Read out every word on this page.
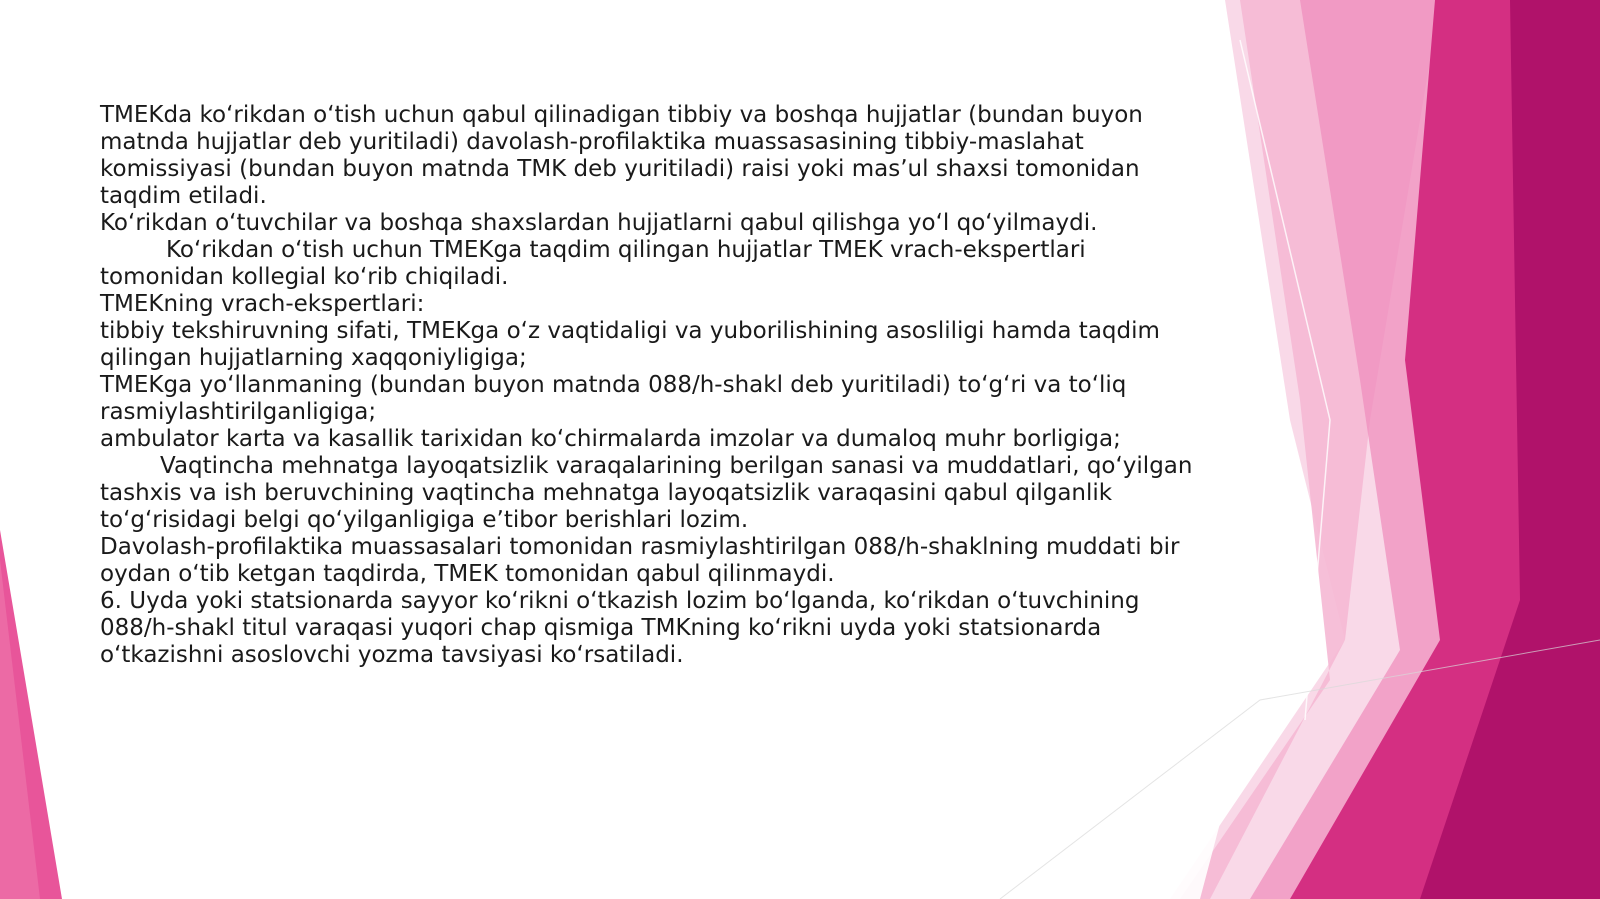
TMEKda koʻrikdan oʻtish uchun qabul qilinadigan tibbiy va boshqa hujjatlar (bundan buyon matnda hujjatlar deb yuritiladi) davolash-profilaktika muassasasining tibbiy-maslahat komissiyasi (bundan buyon matnda TMK deb yuritiladi) raisi yoki masʼul shaxsi tomonidan taqdim etiladi.

Koʻrikdan oʻtuvchilar va boshqa shaxslardan hujjatlarni qabul qilishga yoʻl qoʻyilmaydi.

Koʻrikdan oʻtish uchun TMEKga taqdim qilingan hujjatlar TMEK vrach-ekspertlari tomonidan kollegial koʻrib chiqiladi.

TMEKning vrach-ekspertlari:

tibbiy tekshiruvning sifati, TMEKga oʻz vaqtidaligi va yuborilishining asosliligi hamda taqdim qilingan hujjatlarning xaqqoniyligiga;

TMEKga yoʻllanmaning (bundan buyon matnda 088/h-shakl deb yuritiladi) toʻgʻri va toʻliq rasmiylashtirilganligiga;

ambulator karta va kasallik tarixidan koʻchirmalarda imzolar va dumaloq muhr borligiga;

Vaqtincha mehnatga layoqatsizlik varaqalarining berilgan sanasi va muddatlari, qoʻyilgan tashxis va ish beruvchining vaqtincha mehnatga layoqatsizlik varaqasini qabul qilganlik toʻgʻrisidagi belgi qoʻyilganligiga eʼtibor berishlari lozim.

Davolash-profilaktika muassasalari tomonidan rasmiylashtirilgan 088/h-shaklning muddati bir oydan oʻtib ketgan taqdirda, TMEK tomonidan qabul qilinmaydi.

6. Uyda yoki statsionarda sayyor koʻrikni oʻtkazish lozim boʻlganda, koʻrikdan oʻtuvchining 088/h-shakl titul varaqasi yuqori chap qismiga TMKning koʻrikni uyda yoki statsionarda oʻtkazishni asoslovchi yozma tavsiyasi koʻrsatiladi.
